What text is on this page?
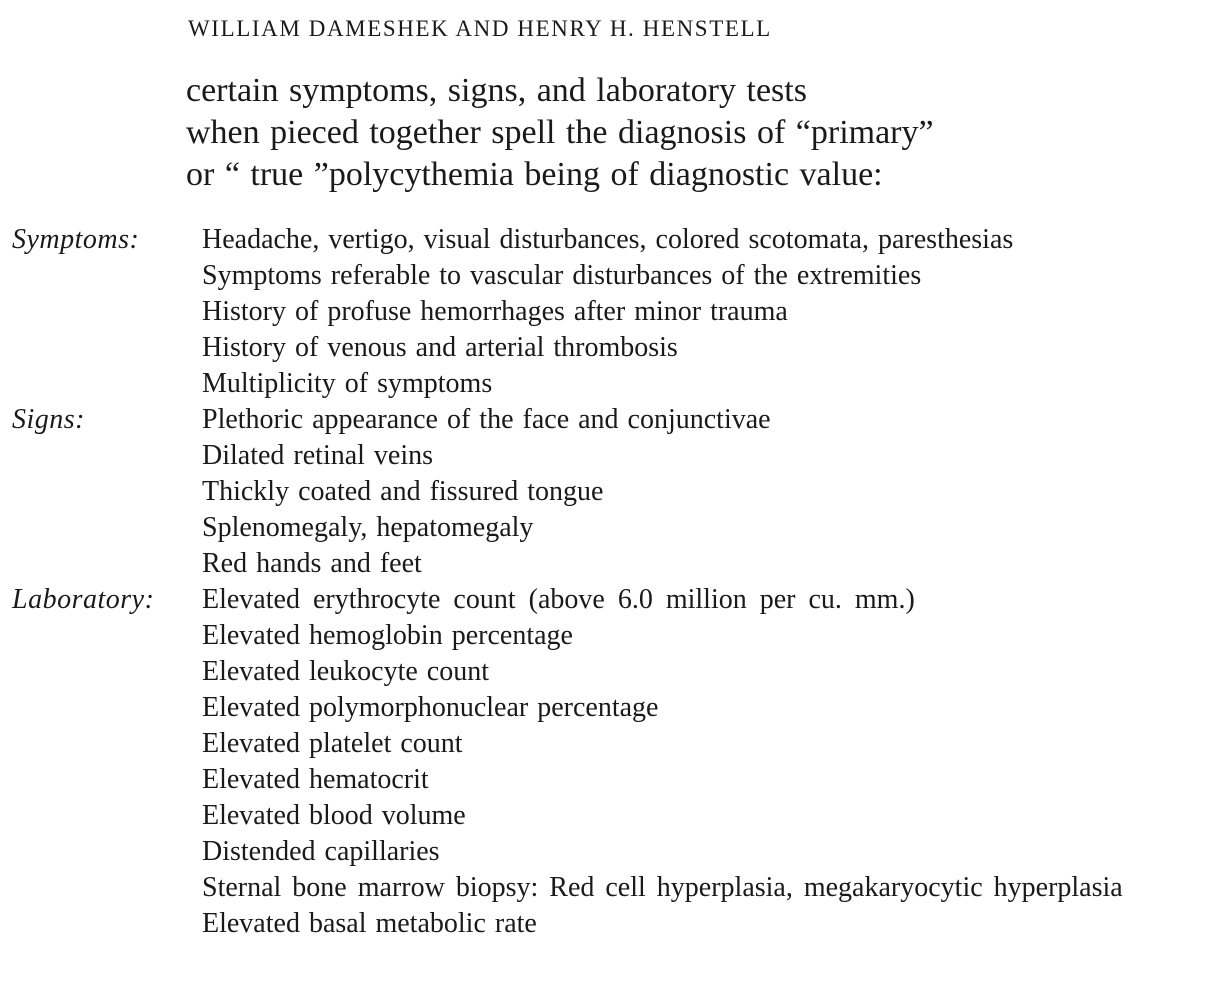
WILLIAM DAMESHEK AND HENRY H. HENSTELL
certain symptoms, signs, and laboratory tests
when pieced together spell the diagnosis of “primary”
or “ true ”polycythemia being of diagnostic value:
Symptoms: Headache, vertigo, visual disturbances, colored scotomata, paresthesias
Symptoms referable to vascular disturbances of the extremities
History of profuse hemorrhages after minor trauma
History of venous and arterial thrombosis
Multiplicity of symptoms
Signs:	Plethoric appearance of the face and conjunctivae
Dilated retinal veins
Thickly coated and fissured tongue
Splenomegaly, hepatomegaly
Red hands and feet
Laboratory: Elevated erythrocyte count (above 6.0 million per cu. mm.)
Elevated hemoglobin percentage
Elevated leukocyte count
Elevated polymorphonuclear percentage
Elevated platelet count
Elevated hematocrit
Elevated blood volume
Distended capillaries
Sternal bone marrow biopsy: Red cell hyperplasia, megakaryocytic hyperplasia
Elevated basal metabolic rate
